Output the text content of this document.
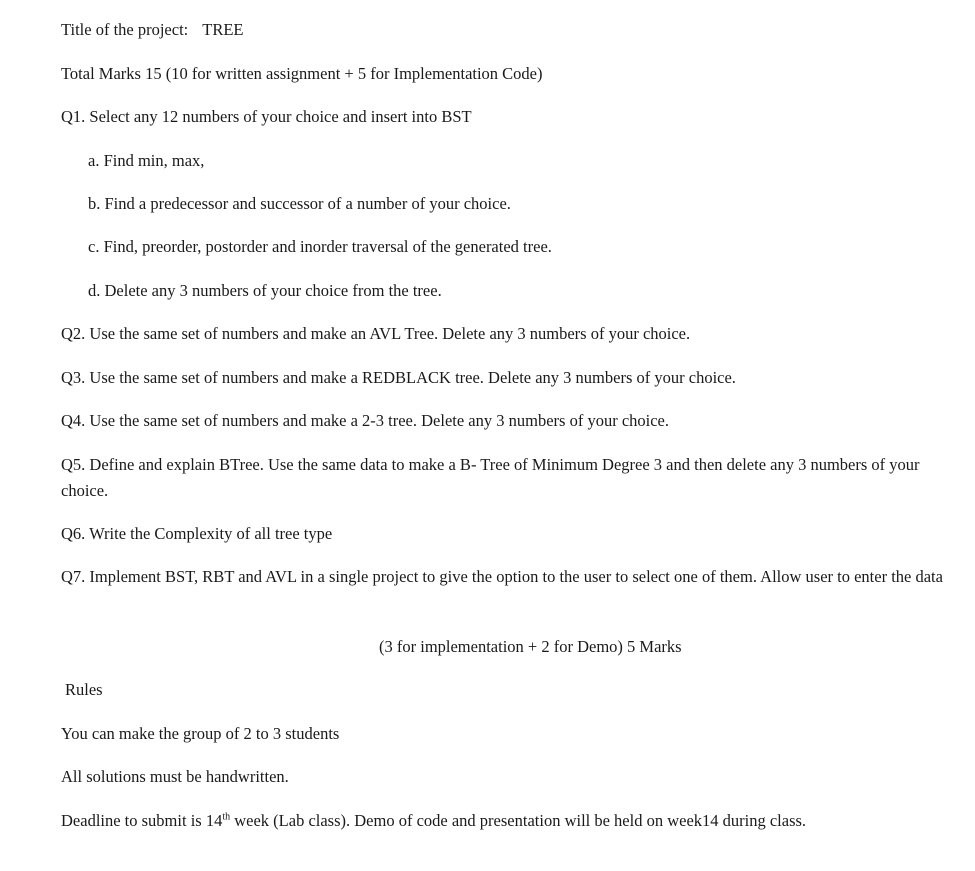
Title of the project: TREE
Total Marks 15 (10 for written assignment + 5 for Implementation Code)
Q1. Select any 12 numbers of your choice and insert into BST
a. Find min, max,
b. Find a predecessor and successor of a number of your choice.
c. Find, preorder, postorder and inorder traversal of the generated tree.
d. Delete any 3 numbers of your choice from the tree.
Q2. Use the same set of numbers and make an AVL Tree. Delete any 3 numbers of your choice.
Q3. Use the same set of numbers and make a REDBLACK tree. Delete any 3 numbers of your choice.
Q4. Use the same set of numbers and make a 2-3 tree. Delete any 3 numbers of your choice.
Q5. Define and explain BTree. Use the same data to make a B- Tree of Minimum Degree 3 and then delete any 3 numbers of your choice.
Q6. Write the Complexity of all tree type
Q7. Implement BST, RBT and AVL in a single project to give the option to the user to select one of them. Allow user to enter the data
(3 for implementation + 2 for Demo) 5 Marks
Rules
You can make the group of 2 to 3 students
All solutions must be handwritten.
Deadline to submit is 14th week (Lab class). Demo of code and presentation will be held on week14 during class.
